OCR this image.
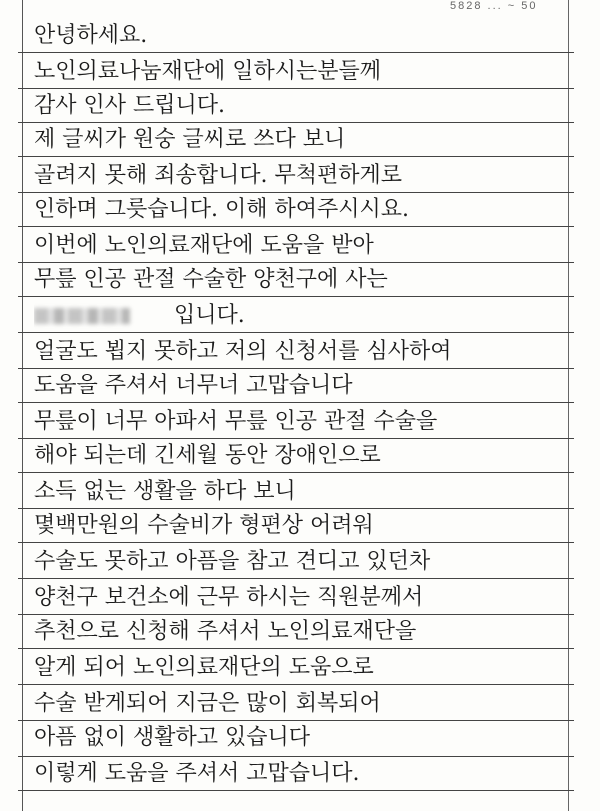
5828 ... ~ 50
안녕하세요.
노인의료나눔재단에 일하시는분들께
감사 인사 드립니다.
제 글씨가 원숭 글씨로 쓰다 보니
골려지 못해 죄송합니다. 무척편하게로
인하며 그릇습니다. 이해 하여주시시요.
이번에 노인의료재단에 도움을 받아
무릎 인공 관절 수술한 양천구에 사는
입니다.
얼굴도 뵙지 못하고 저의 신청서를 심사하여
도움을 주셔서 너무너 고맙습니다
무릎이 너무 아파서 무릎 인공 관절 수술을
해야 되는데 긴세월 동안 장애인으로
소득 없는 생활을 하다 보니
몇백만원의 수술비가 형편상 어려워
수술도 못하고 아픔을 참고 견디고 있던차
양천구 보건소에 근무 하시는 직원분께서
추천으로 신청해 주셔서 노인의료재단을
알게 되어 노인의료재단의 도움으로
수술 받게되어 지금은 많이 회복되어
아픔 없이 생활하고 있습니다
이렇게 도움을 주셔서 고맙습니다.
